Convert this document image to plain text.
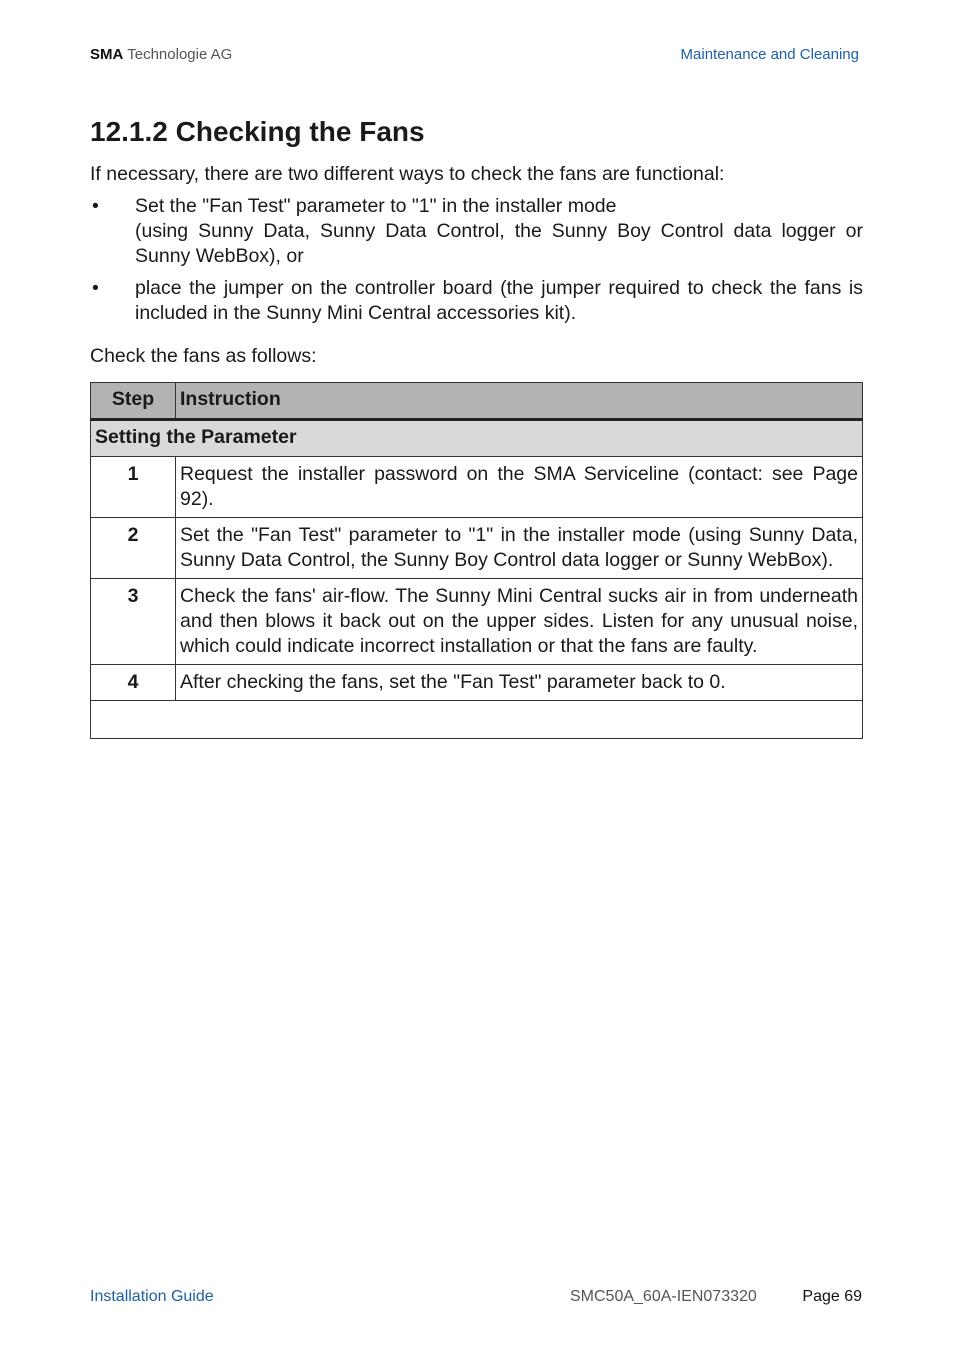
SMA Technologie AG	Maintenance and Cleaning
12.1.2 Checking the Fans

If necessary, there are two different ways to check the fans are functional:

• Set the "Fan Test" parameter to "1" in the installer mode
(using Sunny Data, Sunny Data Control, the Sunny Boy Control data logger or Sunny WebBox), or
• place the jumper on the controller board (the jumper required to check the fans is included in the Sunny Mini Central accessories kit).

Check the fans as follows:

Step	Instruction
Setting the Parameter	
1	Request the installer password on the SMA Serviceline (contact: see Page 92).
2	Set the "Fan Test" parameter to "1" in the installer mode (using Sunny Data, Sunny Data Control, the Sunny Boy Control data logger or Sunny WebBox).
3	Check the fans' air-flow. The Sunny Mini Central sucks air in from underneath and then blows it back out on the upper sides. Listen for any unusual noise, which could indicate incorrect installation or that the fans are faulty.
4	After checking the fans, set the "Fan Test" parameter back to 0.

Installation Guide	SMC50A_60A-IEN073320	Page 69
